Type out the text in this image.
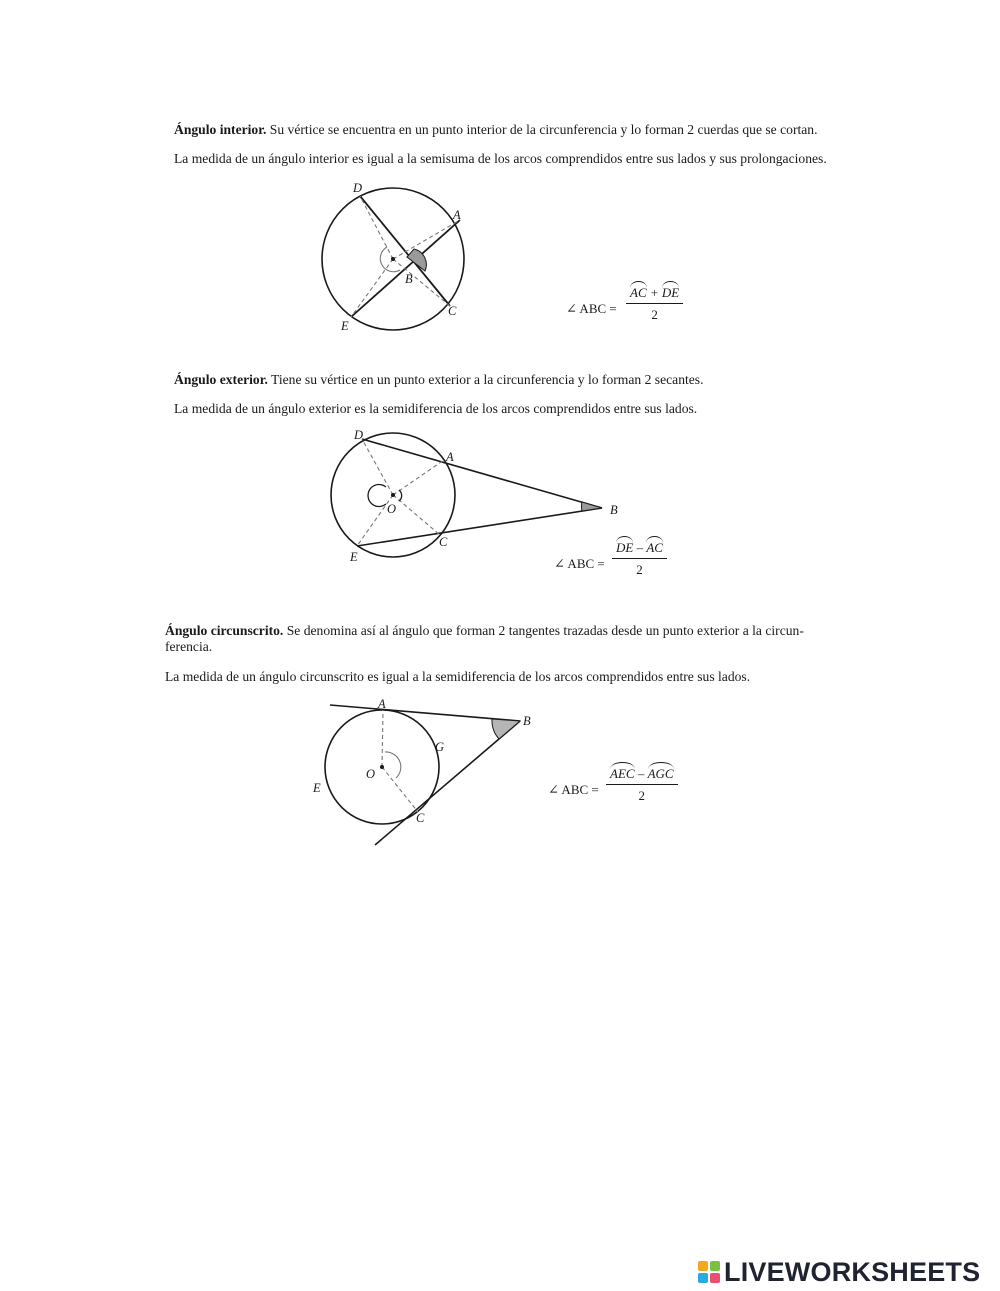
Ángulo interior. Su vértice se encuentra en un punto interior de la circunferencia y lo forman 2 cuerdas que se cortan.

La medida de un ángulo interior es igual a la semisuma de los arcos comprendidos entre sus lados y sus prolongaciones.

D
A
B
C
E
∠ ABC =
AC + DE
2

Ángulo exterior. Tiene su vértice en un punto exterior a la circunferencia y lo forman 2 secantes.

La medida de un ángulo exterior es la semidiferencia de los arcos comprendidos entre sus lados.

D
A
O	B
C
E	∠ ABC =
DE – AC
2

Ángulo circunscrito. Se denomina así al ángulo que forman 2 tangentes trazadas desde un punto exterior a la circun-

ferencia.

La medida de un ángulo circunscrito es igual a la semidiferencia de los arcos comprendidos entre sus lados.

A
B
G
O
E
C
∠ ABC =
AEC – AGC
2
LIVEWORKSHEETS
